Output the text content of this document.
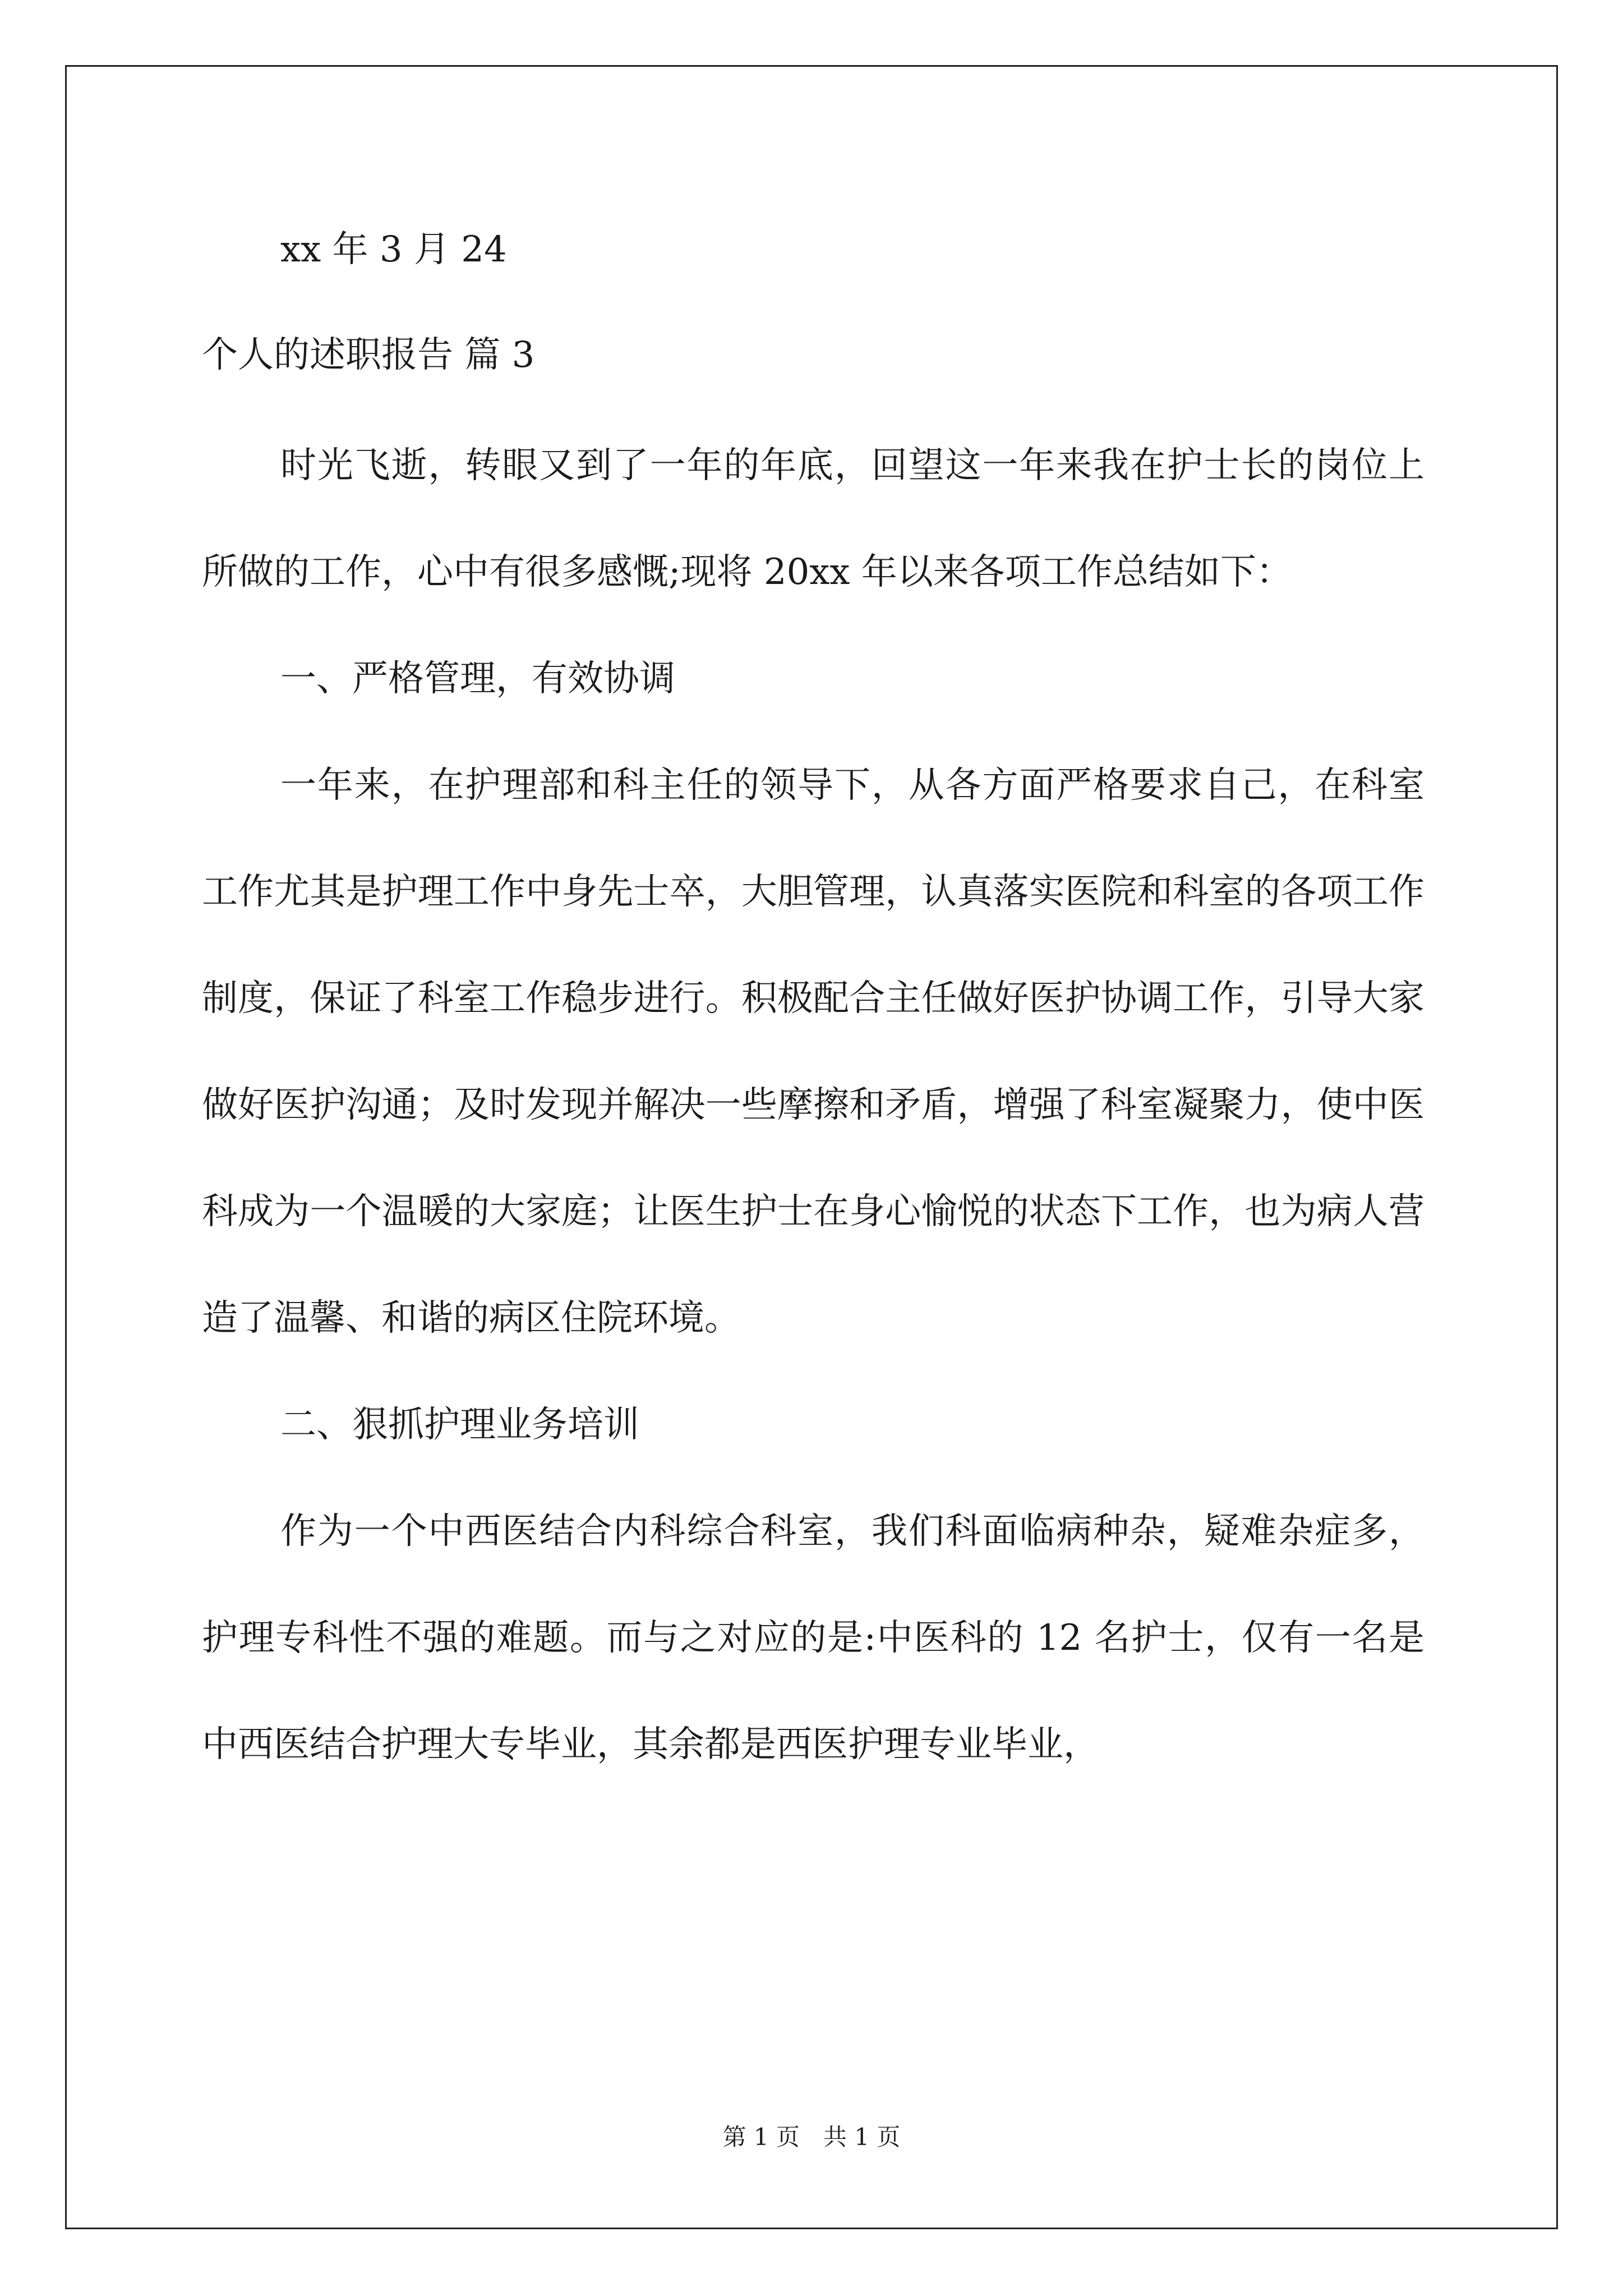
xx 年 3 月 24
个人的述职报告 篇 3

时光飞逝，转眼又到了一年的年底，回望这一年来我在护士长的岗位上所做的工作，心中有很多感慨;现将 20xx 年以来各项工作总结如下：

一、严格管理，有效协调

一年来，在护理部和科主任的领导下，从各方面严格要求自己，在科室工作尤其是护理工作中身先士卒，大胆管理，认真落实医院和科室的各项工作制度，保证了科室工作稳步进行。积极配合主任做好医护协调工作，引导大家做好医护沟通；及时发现并解决一些摩擦和矛盾，增强了科室凝聚力，使中医科成为一个温暖的大家庭；让医生护士在身心愉悦的状态下工作，也为病人营造了温馨、和谐的病区住院环境。

二、狠抓护理业务培训

作为一个中西医结合内科综合科室，我们科面临病种杂，疑难杂症多，护理专科性不强的难题。而与之对应的是:中医科的 12 名护士，仅有一名是中西医结合护理大专毕业，其余都是西医护理专业毕业，

第 1 页　共 1 页
